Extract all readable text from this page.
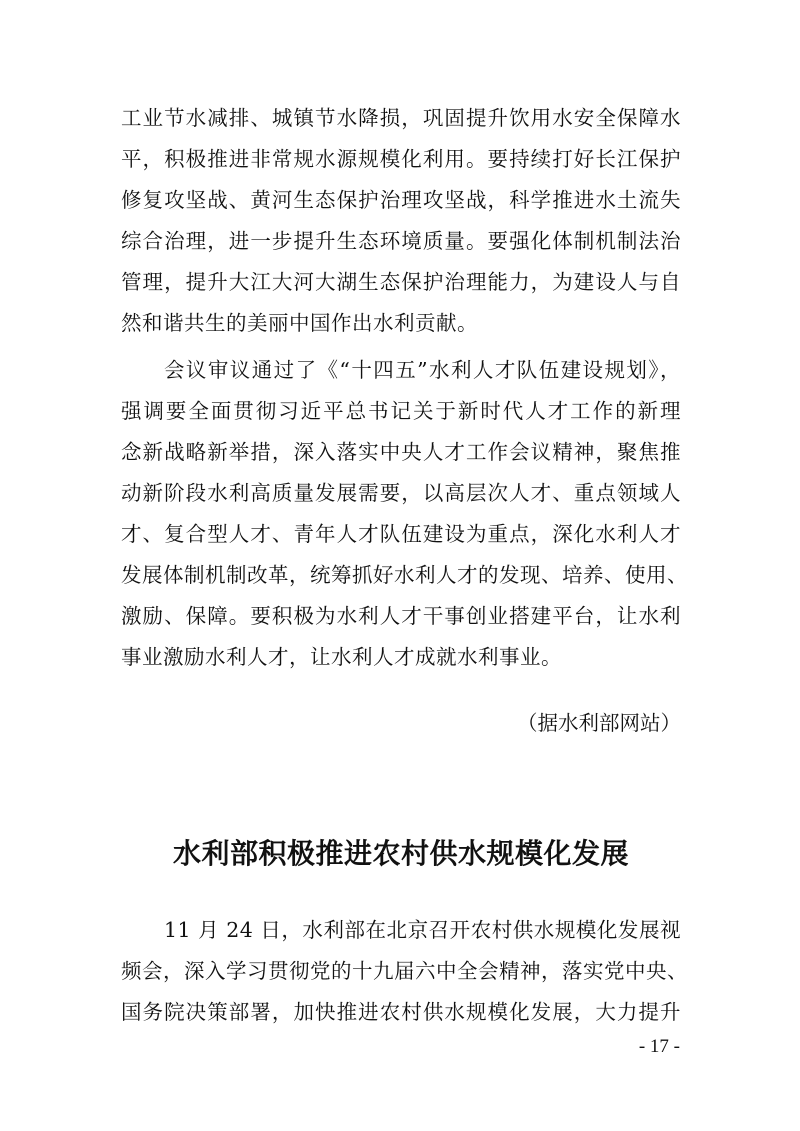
工业节水减排、城镇节水降损，巩固提升饮用水安全保障水
平，积极推进非常规水源规模化利用。要持续打好长江保护
修复攻坚战、黄河生态保护治理攻坚战，科学推进水土流失
综合治理，进一步提升生态环境质量。要强化体制机制法治
管理，提升大江大河大湖生态保护治理能力，为建设人与自
然和谐共生的美丽中国作出水利贡献。
会议审议通过了《“十四五”水利人才队伍建设规划》，
强调要全面贯彻习近平总书记关于新时代人才工作的新理
念新战略新举措，深入落实中央人才工作会议精神，聚焦推
动新阶段水利高质量发展需要，以高层次人才、重点领域人
才、复合型人才、青年人才队伍建设为重点，深化水利人才
发展体制机制改革，统筹抓好水利人才的发现、培养、使用、
激励、保障。要积极为水利人才干事创业搭建平台，让水利
事业激励水利人才，让水利人才成就水利事业。
（据水利部网站）
水利部积极推进农村供水规模化发展
11 月 24 日，水利部在北京召开农村供水规模化发展视
频会，深入学习贯彻党的十九届六中全会精神，落实党中央、
国务院决策部署，加快推进农村供水规模化发展，大力提升
- 17 -
